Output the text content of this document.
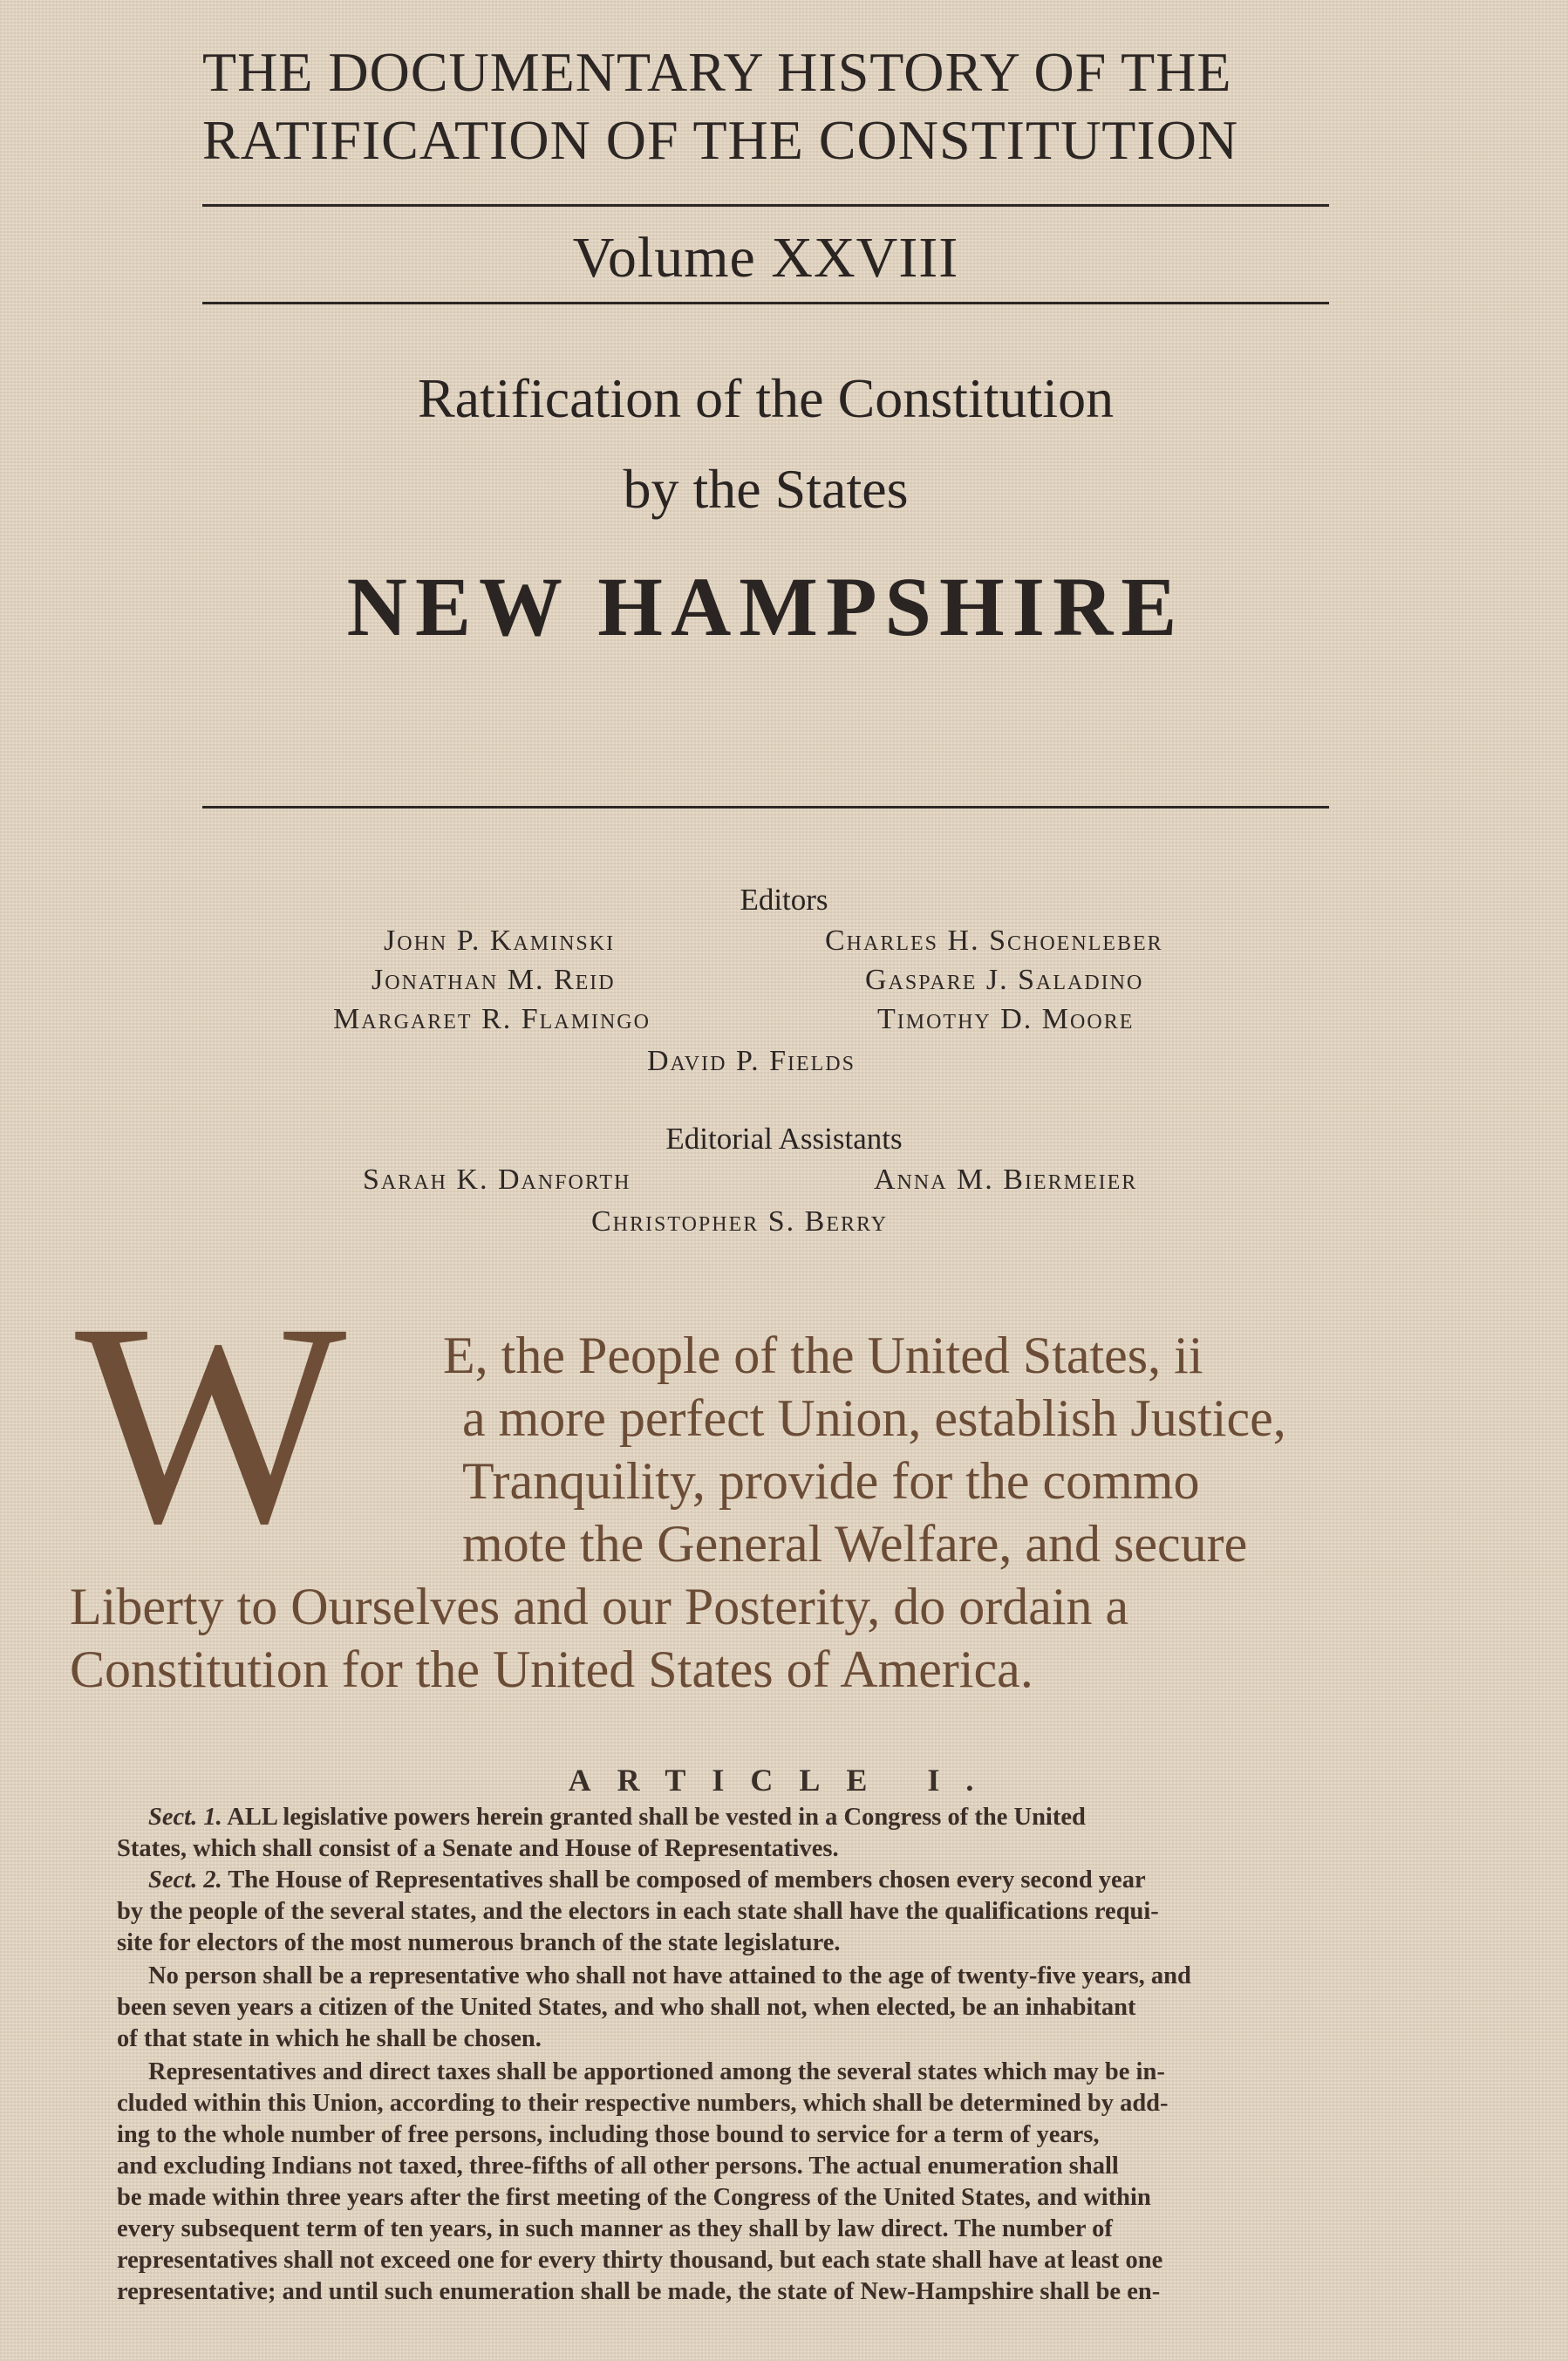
THE DOCUMENTARY HISTORY OF THE
RATIFICATION OF THE CONSTITUTION
Volume XXVIII
Ratification of the Constitution
by the States
NEW HAMPSHIRE
Editors
John P. Kaminski	Charles H. Schoenleber
Jonathan M. Reid	Gaspare J. Saladino
Margaret R. Flamingo	Timothy D. Moore
David P. Fields
Editorial Assistants
Sarah K. Danforth	Anna M. Biermeier
Christopher S. Berry
W E, the People of the United States, ii
a more perfect Union, establish Justice,
Tranquility, provide for the commo
mote the General Welfare, and secure
Liberty to Ourselves and our Posterity, do ordain a
Constitution for the United States of America.
ARTICLE I.
Sect. 1. ALL legislative powers herein granted shall be vested in a Congress of the United
States, which shall consist of a Senate and House of Representatives.
Sect. 2. The House of Representatives shall be composed of members chosen every second year
by the people of the several states, and the electors in each state shall have the qualifications requi-
site for electors of the most numerous branch of the state legislature.
No person shall be a representative who shall not have attained to the age of twenty-five years, and
been seven years a citizen of the United States, and who shall not, when elected, be an inhabitant
of that state in which he shall be chosen.
Representatives and direct taxes shall be apportioned among the several states which may be in-
cluded within this Union, according to their respective numbers, which shall be determined by add-
ing to the whole number of free persons, including those bound to service for a term of years,
and excluding Indians not taxed, three-fifths of all other persons. The actual enumeration shall
be made within three years after the first meeting of the Congress of the United States, and within
every subsequent term of ten years, in such manner as they shall by law direct. The number of
representatives shall not exceed one for every thirty thousand, but each state shall have at least one
representative; and until such enumeration shall be made, the state of New-Hampshire shall be en-
